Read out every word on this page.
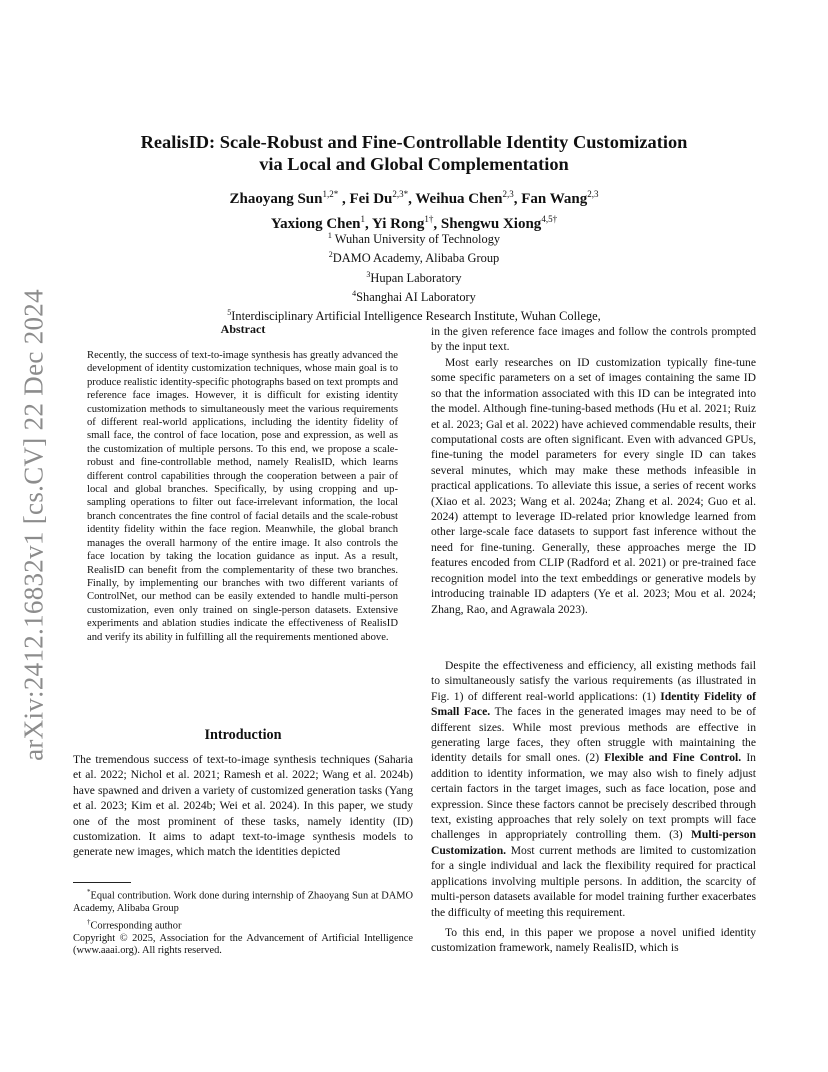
arXiv:2412.16832v1 [cs.CV] 22 Dec 2024
RealisID: Scale-Robust and Fine-Controllable Identity Customization
via Local and Global Complementation
Zhaoyang Sun$^{1,2*}$ , Fei $Du^{2,3*}$, Weihua Chen$^{2,3}$, Fan Wang$^{2,3}$
Yaxiong Chen$^1$, Yi Rong$^{1\dagger}$, Shengwu Xiong$^{4,5\dagger}$
$^1$ Wuhan University of Technology
$^2$DAMO Academy, Alibaba Group
$^3$Hupan Laboratory
$^4$Shanghai AI Laboratory
$^5$Interdisciplinary Artificial Intelligence Research Institute, Wuhan College,
Abstract
Recently, the success of text-to-image synthesis has greatly advanced the development of identity customization techniques, whose main goal is to produce realistic identity-specific photographs based on text prompts and reference face images. However, it is difficult for existing identity customization methods to simultaneously meet the various requirements of different real-world applications, including the identity fidelity of small face, the control of face location, pose and expression, as well as the customization of multiple persons. To this end, we propose a scale-robust and fine-controllable method, namely RealisID, which learns different control capabilities through the cooperation between a pair of local and global branches. Specifically, by using cropping and up-sampling operations to filter out face-irrelevant information, the local branch concentrates the fine control of facial details and the scale-robust identity fidelity within the face region. Meanwhile, the global branch manages the overall harmony of the entire image. It also controls the face location by taking the location guidance as input. As a result, RealisID can benefit from the complementarity of these two branches. Finally, by implementing our branches with two different variants of ControlNet, our method can be easily extended to handle multi-person customization, even only trained on single-person datasets. Extensive experiments and ablation studies indicate the effectiveness of RealisID and verify its ability in fulfilling all the requirements mentioned above.
Introduction
The tremendous success of text-to-image synthesis techniques (Saharia et al. 2022; Nichol et al. 2021; Ramesh et al. 2022; Wang et al. 2024b) have spawned and driven a variety of customized generation tasks (Yang et al. 2023; Kim et al. 2024b; Wei et al. 2024). In this paper, we study one of the most prominent of these tasks, namely identity (ID) customization. It aims to adapt text-to-image synthesis models to generate new images, which match the identities depicted

*Equal contribution. Work done during internship of Zhaoyang Sun at DAMO Academy, Alibaba Group

†Corresponding author

Copyright © 2025, Association for the Advancement of Artificial Intelligence (www.aaai.org). All rights reserved.

in the given reference face images and follow the controls prompted by the input text.
Most early researches on ID customization typically fine-tune some specific parameters on a set of images containing the same ID so that the information associated with this ID can be integrated into the model. Although fine-tuning-based methods (Hu et al. 2021; Ruiz et al. 2023; Gal et al. 2022) have achieved commendable results, their computational costs are often significant. Even with advanced GPUs, fine-tuning the model parameters for every single ID can takes several minutes, which may make these methods infeasible in practical applications. To alleviate this issue, a series of recent works (Xiao et al. 2023; Wang et al. 2024a; Zhang et al. 2024; Guo et al. 2024) attempt to leverage ID-related prior knowledge learned from other large-scale face datasets to support fast inference without the need for fine-tuning. Generally, these approaches merge the ID features encoded from CLIP (Radford et al. 2021) or pre-trained face recognition model into the text embeddings or generative models by introducing trainable ID adapters (Ye et al. 2023; Mou et al. 2024; Zhang, Rao, and Agrawala 2023).
Despite the effectiveness and efficiency, all existing methods fail to simultaneously satisfy the various requirements (as illustrated in Fig. 1) of different real-world applications: (1) Identity Fidelity of Small Face. The faces in the generated images may need to be of different sizes. While most previous methods are effective in generating large faces, they often struggle with maintaining the identity details for small ones. (2) Flexible and Fine Control. In addition to identity information, we may also wish to finely adjust certain factors in the target images, such as face location, pose and expression. Since these factors cannot be precisely described through text, existing approaches that rely solely on text prompts will face challenges in appropriately controlling them. (3) Multi-person Customization. Most current methods are limited to customization for a single individual and lack the flexibility required for practical applications involving multiple persons. In addition, the scarcity of multi-person datasets available for model training further exacerbates the difficulty of meeting this requirement.
To this end, in this paper we propose a novel unified identity customization framework, namely RealisID, which is
